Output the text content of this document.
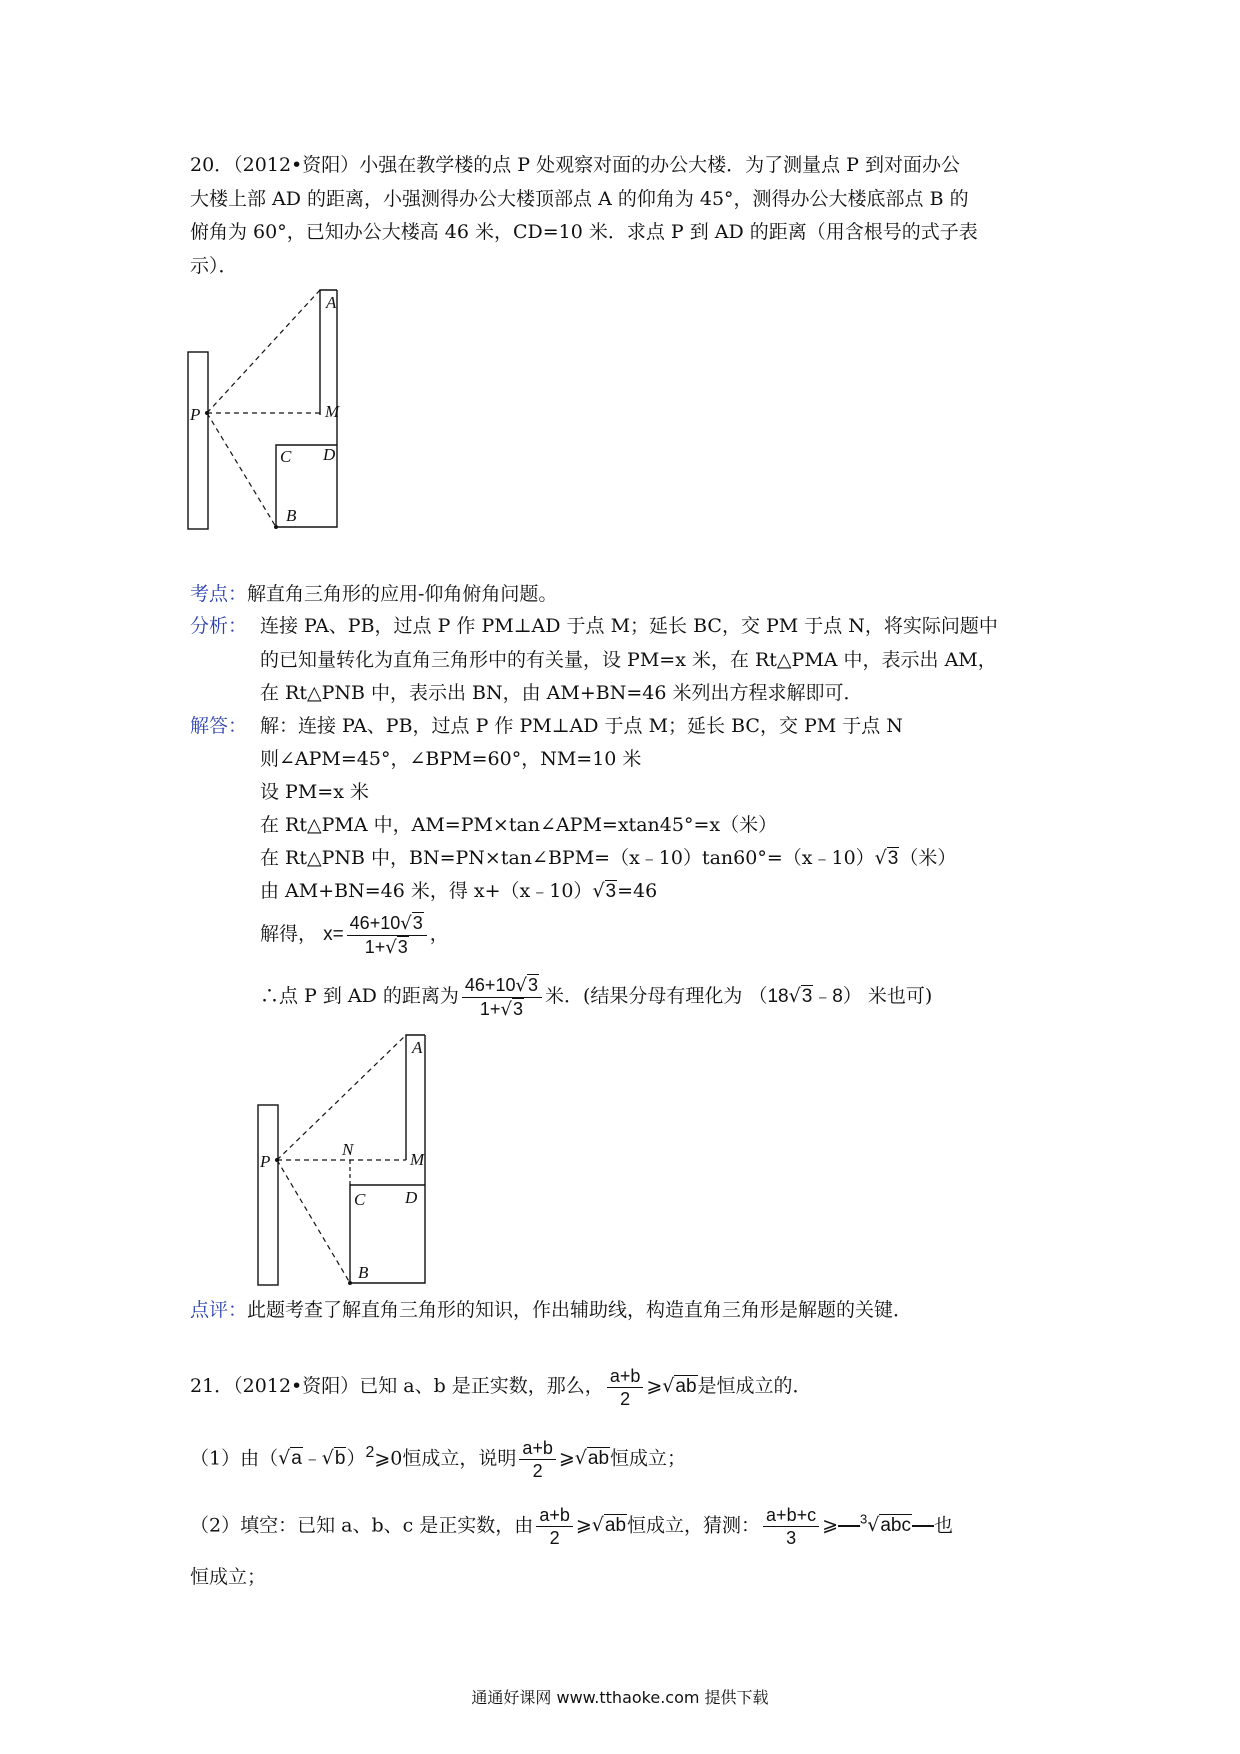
20．（2012•资阳）小强在教学楼的点 P 处观察对面的办公大楼．为了测量点 P 到对面办公
大楼上部 AD 的距离，小强测得办公大楼顶部点 A 的仰角为 45°，测得办公大楼底部点 B 的
俯角为 60°，已知办公大楼高 46 米，CD=10 米．求点 P 到 AD 的距离（用含根号的式子表
示）．
A
M
P
C D
B
考点：解直角三角形的应用-仰角俯角问题。
分析： 连接 PA、PB，过点 P 作 PM⊥AD 于点 M；延长 BC，交 PM 于点 N，将实际问题中
的已知量转化为直角三角形中的有关量，设 PM=x 米，在 Rt△PMA 中，表示出 AM，
在 Rt△PNB 中，表示出 BN，由 AM+BN=46 米列出方程求解即可．
解答： 解：连接 PA、PB，过点 P 作 PM⊥AD 于点 M；延长 BC，交 PM 于点 N
则∠APM=45°，∠BPM=60°，NM=10 米
设 PM=x 米
在 Rt△PMA 中，AM=PM×tan∠APM=xtan45°=x（米）
在 Rt△PNB 中，BN=PN×tan∠BPM=（x﹣10）tan60°=（x﹣10）√3（米）
由 AM+BN=46 米，得 x+（x﹣10）√3=46
解得， $x= \frac{46+10√3}{1+√3}$ ，
∴点 P 到 AD 的距离为 $\frac{46+10√3}{1+√3}$ 米．(结果分母有理化为 （18√3﹣8） 米也可)
A
M
N
P
C D
B
点评：此题考查了解直角三角形的知识，作出辅助线，构造直角三角形是解题的关键．
21．（2012•资阳）已知 a、b 是正实数，那么， $\frac{a+b}{2}$ ⩾√ab是恒成立的．
（1）由（√a﹣√b）$^2$⩾0恒成立，说明 $\frac{a+b}{2}$ ⩾√ab恒成立；
（2）填空：已知 a、b、c 是正实数，由 $\frac{a+b}{2}$ ⩾√ab恒成立，猜测： $\frac{a+b+c}{3}$ ⩾ $^3$√abc 也
恒成立；
通通好课网 www.tthaoke.com 提供下载
